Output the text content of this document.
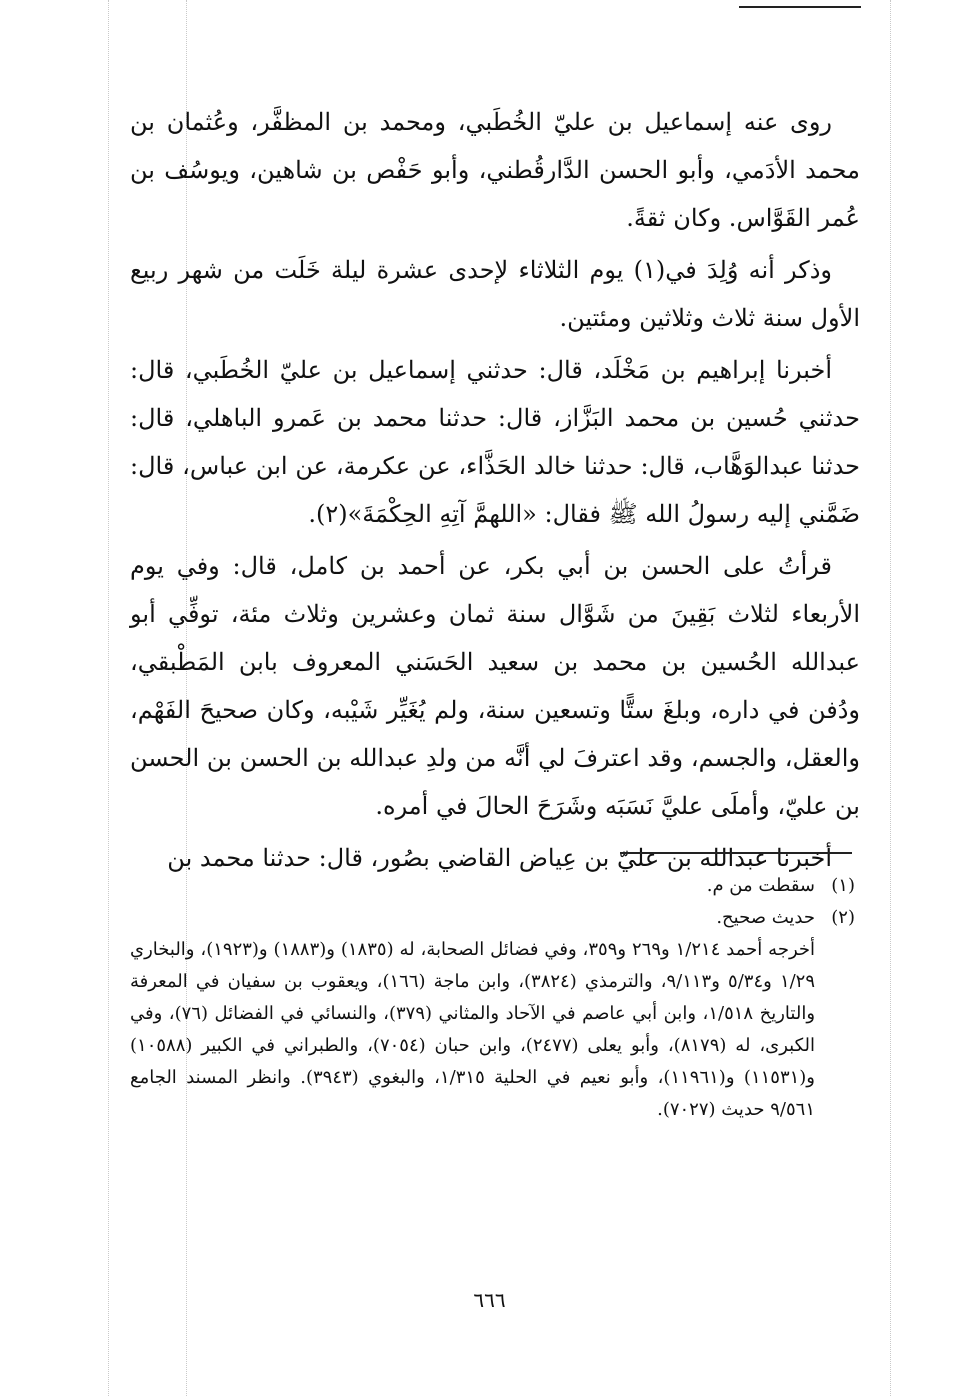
روى عنه إسماعيل بن عليّ الخُطَبي، ومحمد بن المظفَّر، وعُثمان بن محمد الأدَمي، وأبو الحسن الدَّارقُطني، وأبو حَفْص بن شاهين، ويوسُف بن عُمر القَوَّاس. وكان ثقةً.

وذكر أنه وُلِدَ في(١) يوم الثلاثاء لإحدى عشرة ليلة خَلَت من شهر ربيع الأول سنة ثلاث وثلاثين ومئتين.

أخبرنا إبراهيم بن مَخْلَد، قال: حدثني إسماعيل بن عليّ الخُطَبي، قال: حدثني حُسين بن محمد البَزَّاز، قال: حدثنا محمد بن عَمرو الباهلي، قال: حدثنا عبدالوَهَّاب، قال: حدثنا خالد الحَذَّاء، عن عكرمة، عن ابن عباس، قال: ضَمَّني إليه رسولُ الله ﷺ فقال: «اللهمَّ آتِهِ الحِكْمَةَ»(٢).

قرأتُ على الحسن بن أبي بكر، عن أحمد بن كامل، قال: وفي يوم الأربعاء لثلاث بَقِينَ من شَوَّال سنة ثمان وعشرين وثلاث مئة، توفِّي أبو عبدالله الحُسين بن محمد بن سعيد الحَسَني المعروف بابن المَطْبقي، ودُفن في داره، وبلغَ ستًّا وتسعين سنة، ولم يُغَيِّر شَيْبه، وكان صحيحَ الفَهْم، والعقل، والجسم، وقد اعترفَ لي أنَّه من ولدِ عبدالله بن الحسن بن الحسن بن عليّ، وأملَى عليَّ نَسَبَه وشَرَحَ الحالَ في أمره.

أخبرنا عبدالله بن عليّ بن عِياض القاضي بصُور، قال: حدثنا محمد بن

(١)
سقطت من م.
(٢)
حديث صحيح.
أخرجه أحمد ١/٢١٤ و٢٦٩ و٣٥٩، وفي فضائل الصحابة، له (١٨٣٥) و(١٨٨٣) و(١٩٢٣)، والبخاري ١/٢٩ و٥/٣٤ و٩/١١٣، والترمذي (٣٨٢٤)، وابن ماجة (١٦٦)، ويعقوب بن سفيان في المعرفة والتاريخ ١/٥١٨، وابن أبي عاصم في الآحاد والمثاني (٣٧٩)، والنسائي في الفضائل (٧٦)، وفي الكبرى، له (٨١٧٩)، وأبو يعلى (٢٤٧٧)، وابن حبان (٧٠٥٤)، والطبراني في الكبير (١٠٥٨٨) و(١١٥٣١) و(١١٩٦١)، وأبو نعيم في الحلية ١/٣١٥، والبغوي (٣٩٤٣). وانظر المسند الجامع ٩/٥٦١ حديث (٧٠٢٧).
٦٦٦
